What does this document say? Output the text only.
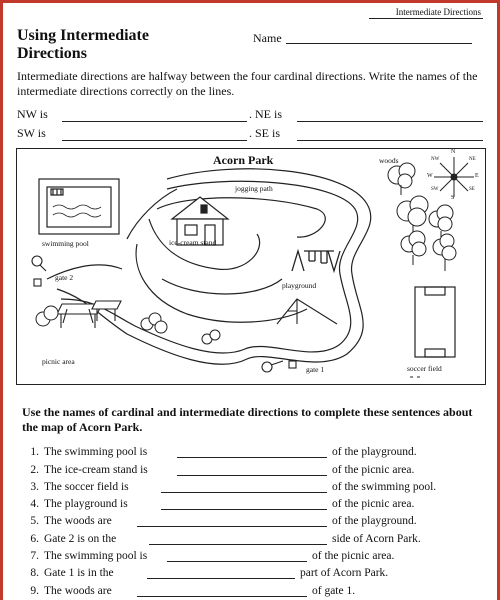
Intermediate Directions
Using Intermediate
Directions
Name
Intermediate directions are halfway between the four cardinal directions. Write the names of the intermediate directions correctly on the lines.
NW is	. NE is
SW is	. SE is
Acorn Park	woods
jogging path
swimming pool	ice-cream stand
gate 2
playground
picnic area
gate 1	soccer field
N
S
E
W
NW	NE
SW	SE
Use the names of cardinal and intermediate directions to complete these sentences about the map of Acorn Park.
1. The swimming pool is	of the playground.
2. The ice-cream stand is	of the picnic area.
3. The soccer field is	of the swimming pool.
4. The playground is	of the picnic area.
5. The woods are	of the playground.
6. Gate 2 is on the	side of Acorn Park.
7. The swimming pool is	of the picnic area.
8. Gate 1 is in the	part of Acorn Park.
9. The woods are	of gate 1.
